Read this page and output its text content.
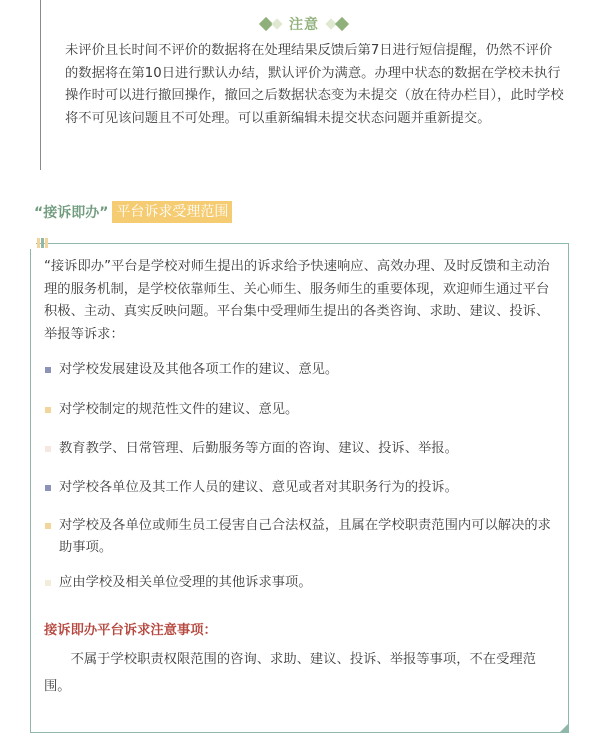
注意

未评价且长时间不评价的数据将在处理结果反馈后第7日进行短信提醒，仍然不评价的数据将在第10日进行默认办结，默认评价为满意。办理中状态的数据在学校未执行操作时可以进行撤回操作，撤回之后数据状态变为未提交（放在待办栏目），此时学校将不可见该问题且不可处理。可以重新编辑未提交状态问题并重新提交。

“接诉即办” 平台诉求受理范围

“接诉即办”平台是学校对师生提出的诉求给予快速响应、高效办理、及时反馈和主动治理的服务机制，是学校依靠师生、关心师生、服务师生的重要体现，欢迎师生通过平台积极、主动、真实反映问题。平台集中受理师生提出的各类咨询、求助、建议、投诉、举报等诉求：

对学校发展建设及其他各项工作的建议、意见。
对学校制定的规范性文件的建议、意见。
教育教学、日常管理、后勤服务等方面的咨询、建议、投诉、举报。
对学校各单位及其工作人员的建议、意见或者对其职务行为的投诉。
对学校及各单位或师生员工侵害自己合法权益，且属在学校职责范围内可以解决的求助事项。
应由学校及相关单位受理的其他诉求事项。

接诉即办平台诉求注意事项：

不属于学校职责权限范围的咨询、求助、建议、投诉、举报等事项，不在受理范围。
